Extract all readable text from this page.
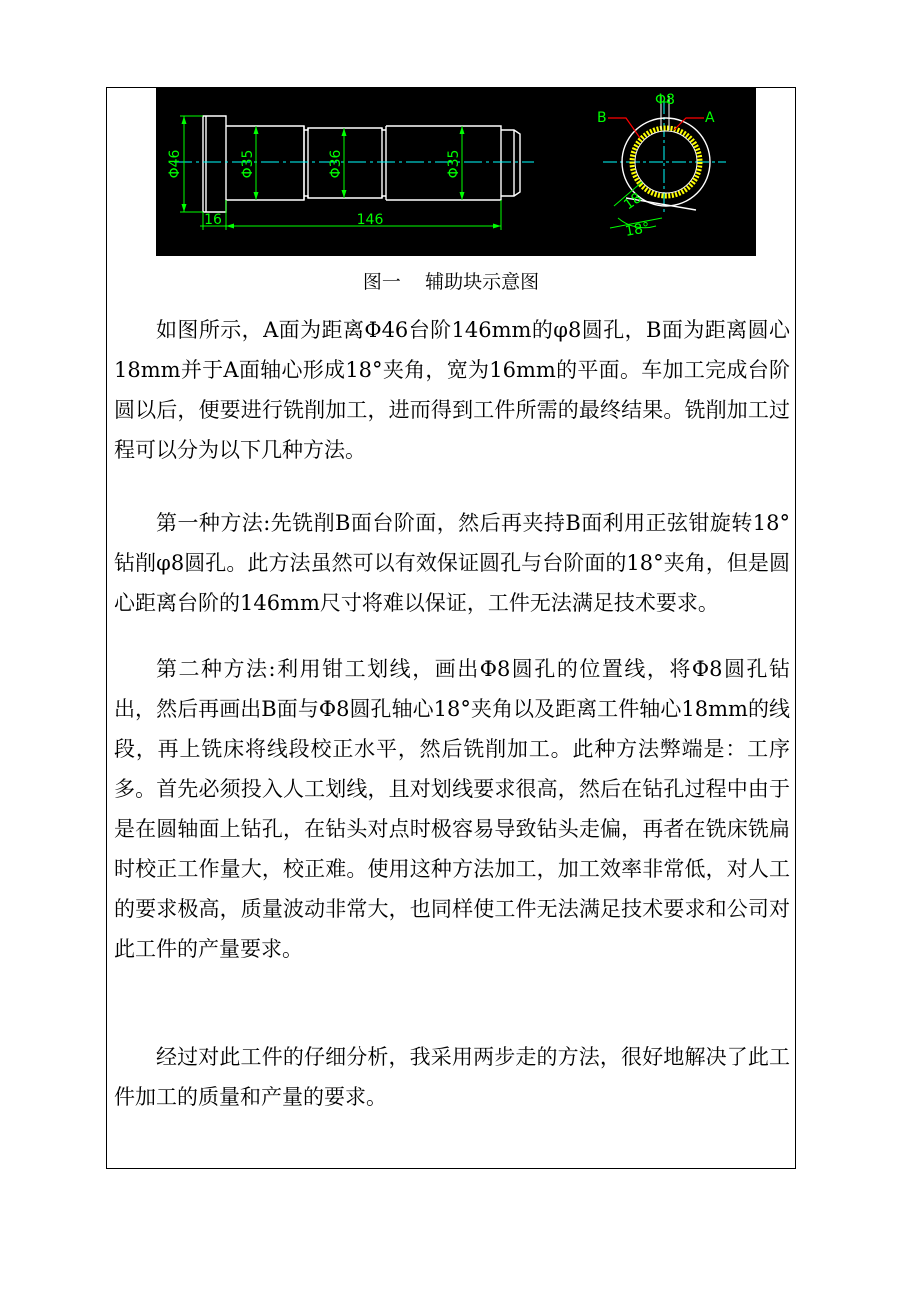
Φ46	Φ35	Φ36	Φ35
16	146
Φ8
B	A
18
18°
图一    辅助块示意图

如图所示，A面为距离Φ46台阶146mm的φ8圆孔，B面为距离圆心18mm并于A面轴心形成18°夹角，宽为16mm的平面。车加工完成台阶圆以后，便要进行铣削加工，进而得到工件所需的最终结果。铣削加工过程可以分为以下几种方法。

第一种方法:先铣削B面台阶面，然后再夹持B面利用正弦钳旋转18°钻削φ8圆孔。此方法虽然可以有效保证圆孔与台阶面的18°夹角，但是圆心距离台阶的146mm尺寸将难以保证，工件无法满足技术要求。

第二种方法:利用钳工划线，画出Φ8圆孔的位置线，将Φ8圆孔钻出，然后再画出B面与Φ8圆孔轴心18°夹角以及距离工件轴心18mm的线段，再上铣床将线段校正水平，然后铣削加工。此种方法弊端是：工序多。首先必须投入人工划线，且对划线要求很高，然后在钻孔过程中由于是在圆轴面上钻孔，在钻头对点时极容易导致钻头走偏，再者在铣床铣扁时校正工作量大，校正难。使用这种方法加工，加工效率非常低，对人工的要求极高，质量波动非常大，也同样使工件无法满足技术要求和公司对此工件的产量要求。

经过对此工件的仔细分析，我采用两步走的方法，很好地解决了此工件加工的质量和产量的要求。
